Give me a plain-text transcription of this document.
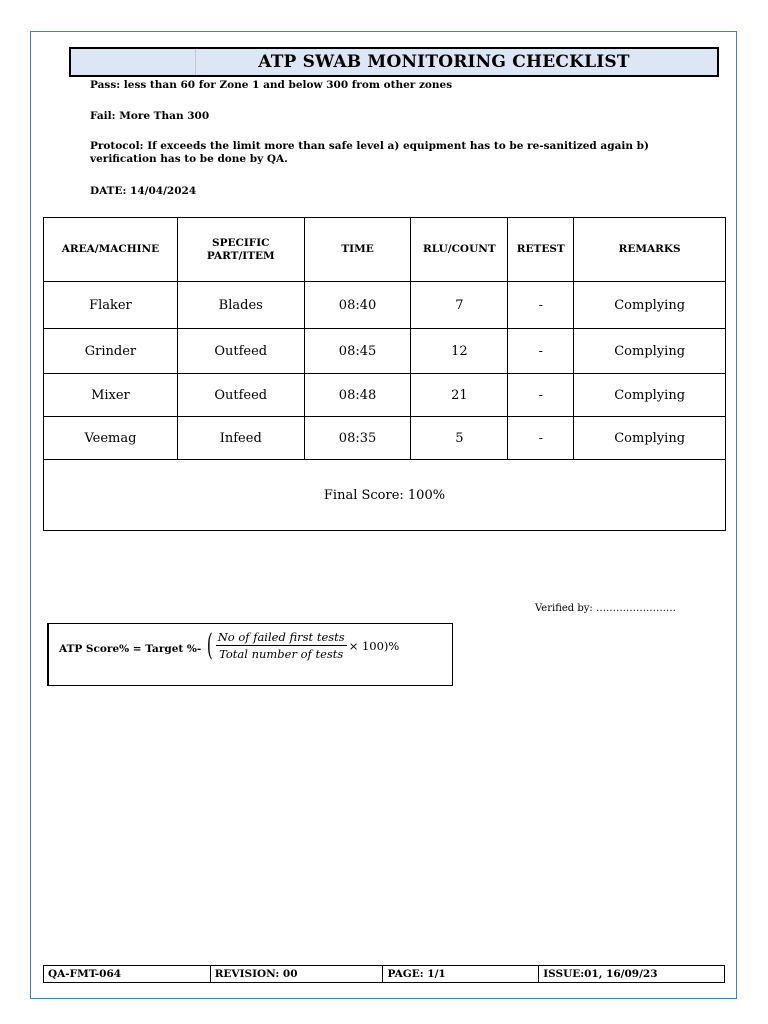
ATP SWAB MONITORING CHECKLIST
Pass: less than 60 for Zone 1 and below 300 from other zones
Fail: More Than 300
Protocol: If exceeds the limit more than safe level a) equipment has to be re-sanitized again b) verification has to be done by QA.
DATE: 14/04/2024
AREA/MACHINE	SPECIFIC PART/ITEM	TIME	RLU/COUNT	RETEST	REMARKS
Flaker	Blades	08:40	7	-	Complying
Grinder	Outfeed	08:45	12	-	Complying
Mixer	Outfeed	08:48	21	-	Complying
Veemag	Infeed	08:35	5	-	Complying
Final Score: 100%					
Verified by: ……………………
ATP Score% = Target %- ( $\frac{\text{No of failed first tests}}{\text{Total number of tests}} \times 100)\%$
QA-FMT-064	REVISION: 00	PAGE: 1/1	ISSUE:01, 16/09/23
